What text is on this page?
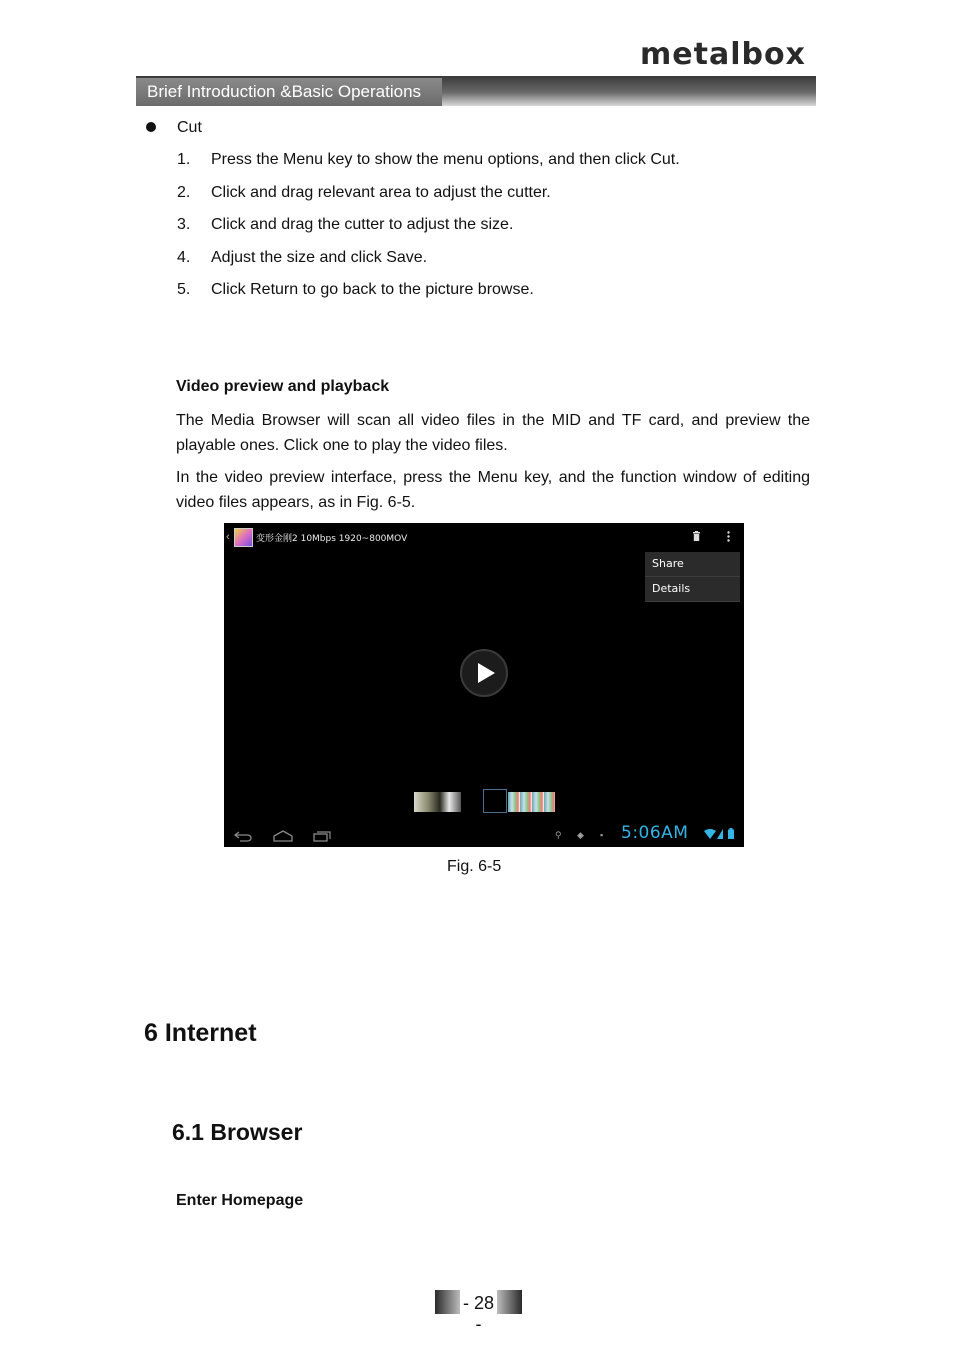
metalbox
Brief Introduction &Basic Operations
Cut
1. Press the Menu key to show the menu options, and then click Cut.
2. Click and drag relevant area to adjust the cutter.
3. Click and drag the cutter to adjust the size.
4. Adjust the size and click Save.
5. Click Return to go back to the picture browse.
Video preview and playback
The Media Browser will scan all video files in the MID and TF card, and preview the playable ones. Click one to play the video files.
In the video preview interface, press the Menu key, and the function window of editing video files appears, as in Fig. 6-5.
‹	变形金刚2 10Mbps 1920~800MOV
Share
Details
⚲ ◆ ▪ 5:06AM
Fig. 6-5
6 Internet
6.1 Browser
Enter Homepage
- 28 -
